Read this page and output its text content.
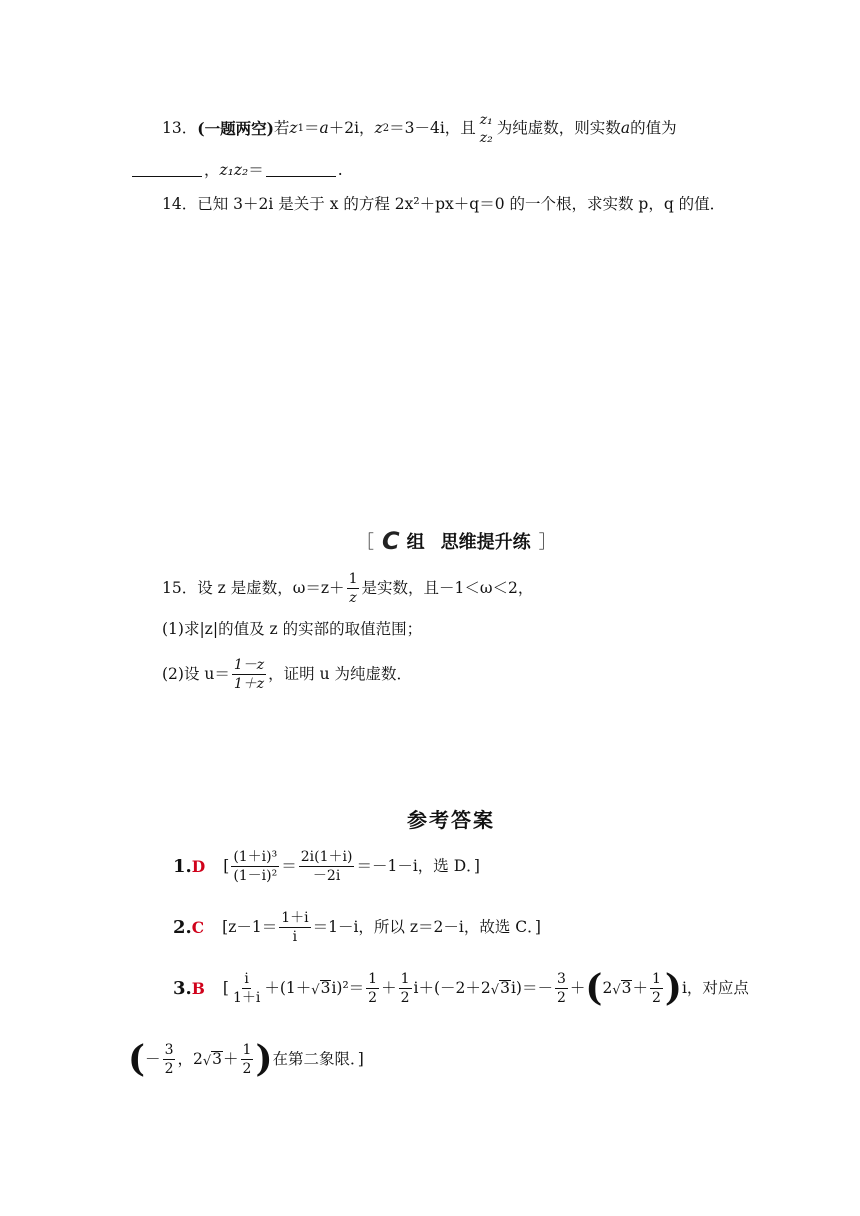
13． (一题两空) 若 z 1 ＝ a ＋2i， z 2 ＝3－4i，且 z₁
z₂
为纯虚数，则实数 a 的值为
， z₁z₂ ＝	.
14． 已知 3＋2i 是关于 x 的方程 2x²＋px＋q＝0 的一个根，求实数 p，q 的值．
［ C 组 思维提升练 ］
15． 设 z 是虚数，$\omega=z+ \frac{1}{z}$ 是实数，且－1＜ω＜2，
(1)求|z|的值及 z 的实部的取值范围；
(2)设 $u= \frac{1-z}{1+z}$ ，证明 u 为纯虚数．
参考答案
1. D [ $\frac{\text{(1＋i)³}}{\text{(1－i)²}} = \frac{2i(1+i)}{-2i} =-1-i$，选 D．]
2. C [$z-1= \frac{1+i}{i} =1-i$，所以 z＝2－i，故选 C．]
3. B [ $\frac{i}{1+i} +(1+$ √ 3 $i)^2= \frac{1}{2} + \frac{1}{2} i+(-2+2$ √ 3 $i)=- \frac{3}{2}$ ＋ ( 2 √ $3 + \frac{1}{2}$ ) i，对应点
( － $\frac{3}{2}$ ，2 √ $3 + \frac{1}{2}$ ) 在第二象限．]
